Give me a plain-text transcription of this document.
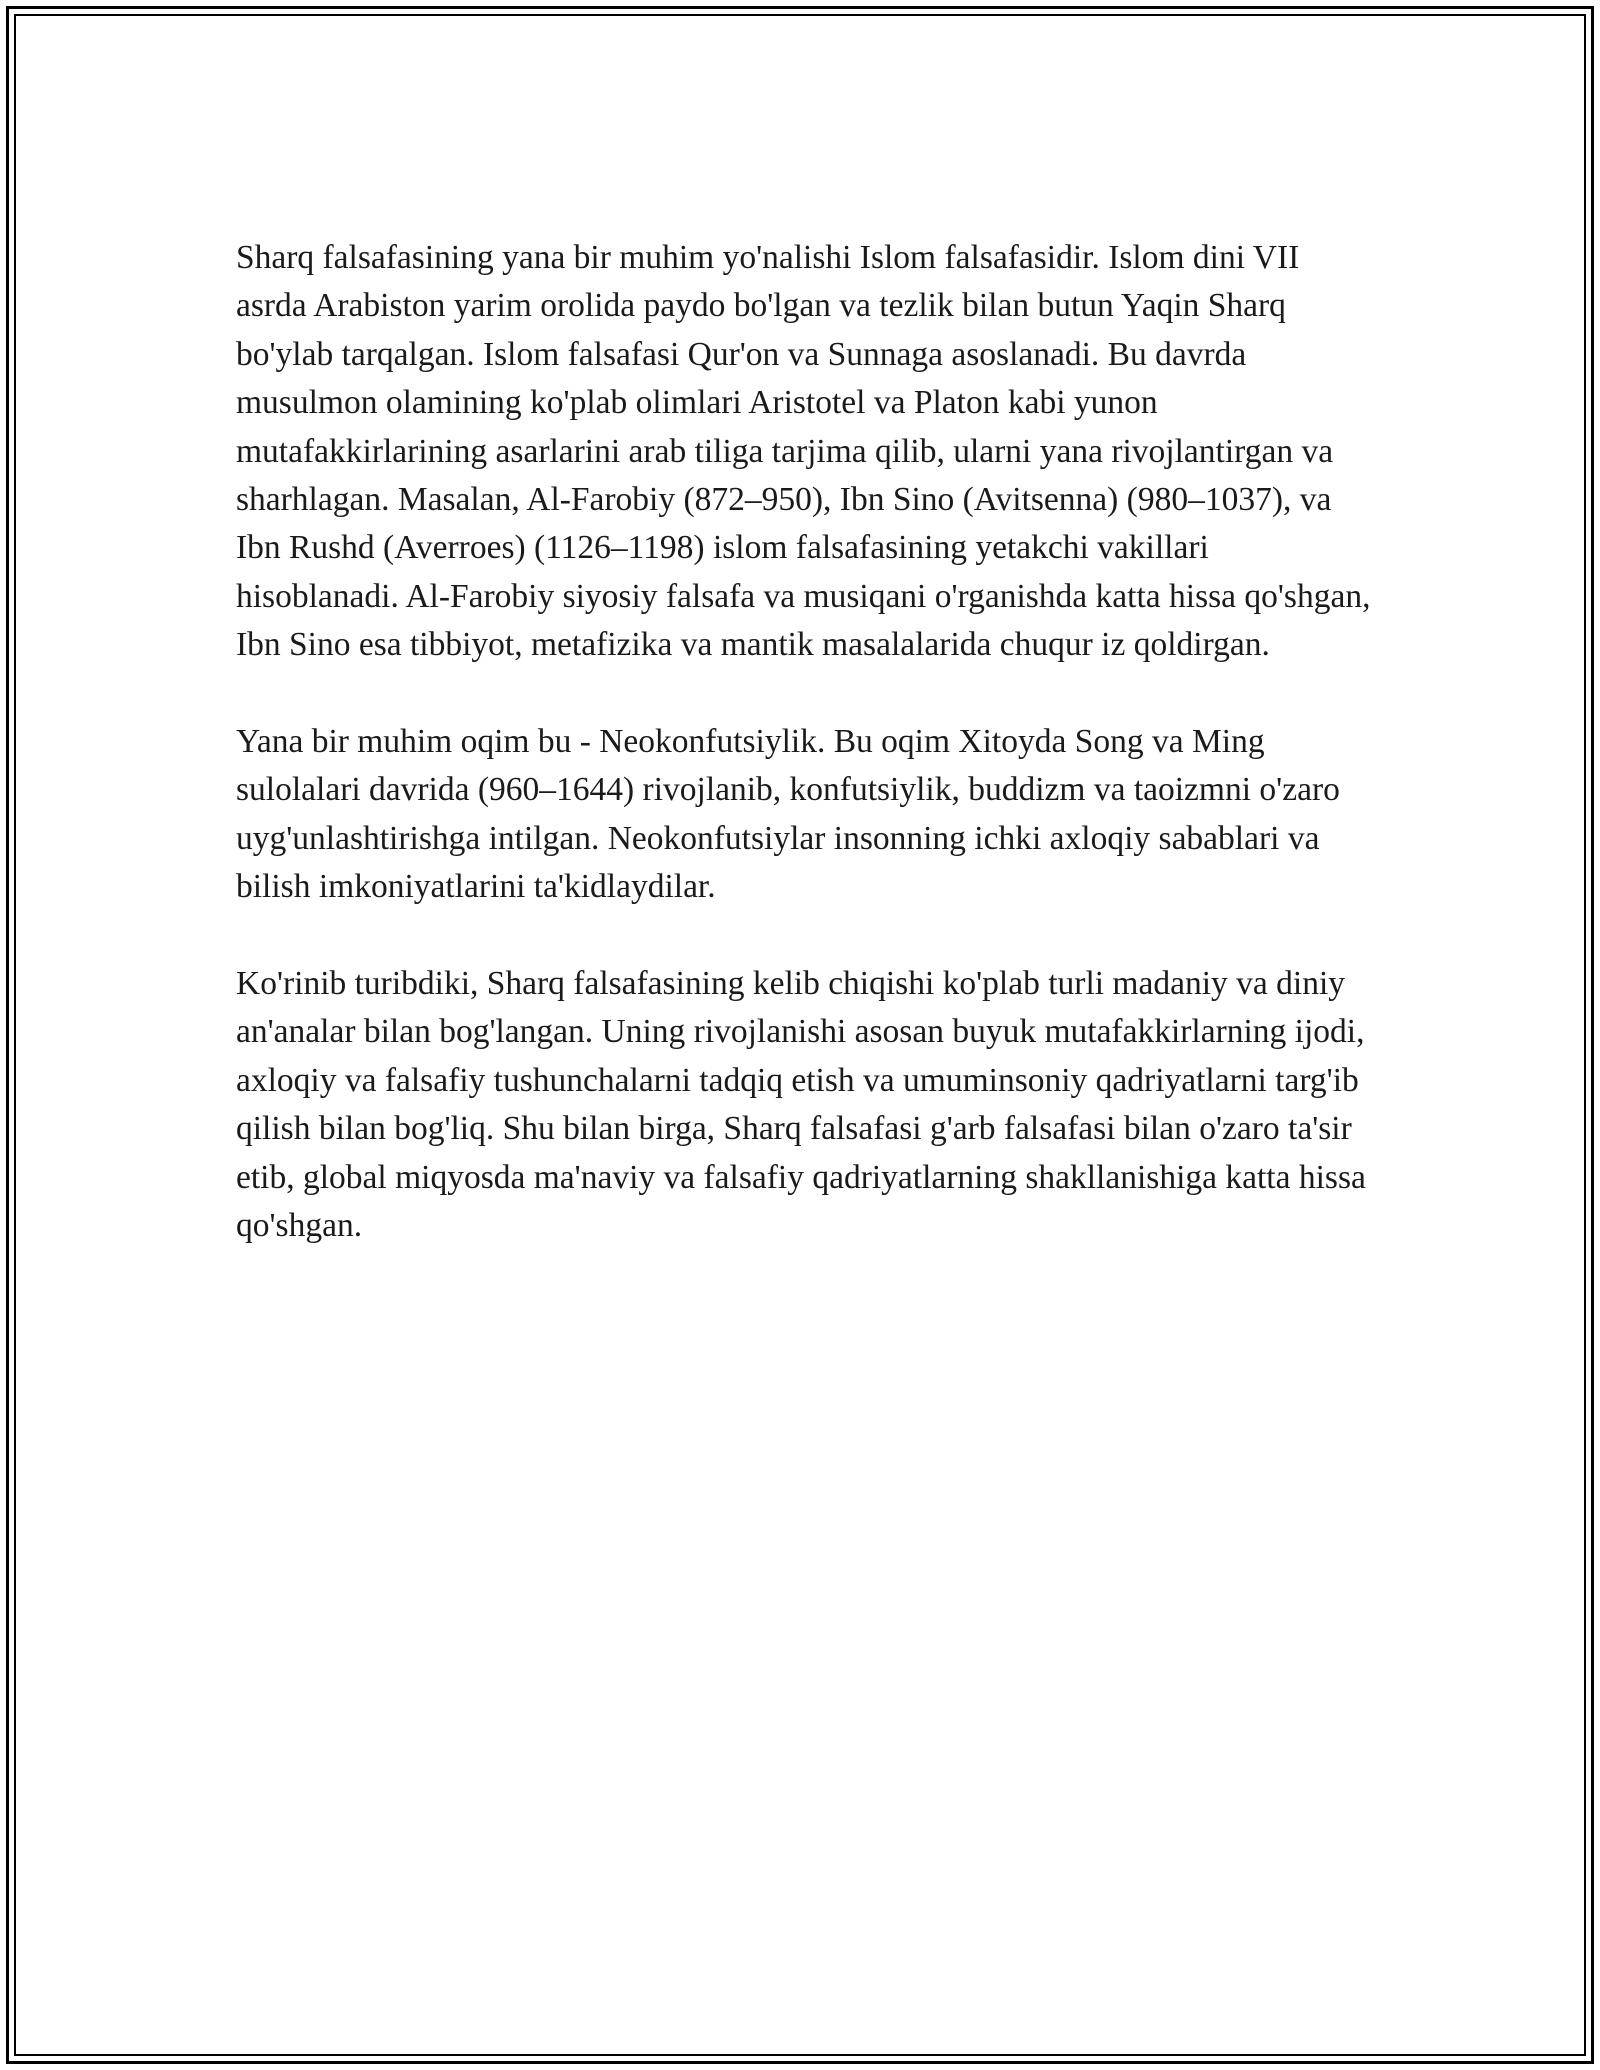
Sharq falsafasining yana bir muhim yo'nalishi Islom falsafasidir. Islom dini VII asrda Arabiston yarim orolida paydo bo'lgan va tezlik bilan butun Yaqin Sharq bo'ylab tarqalgan. Islom falsafasi Qur'on va Sunnaga asoslanadi. Bu davrda musulmon olamining ko'plab olimlari Aristotel va Platon kabi yunon mutafakkirlarining asarlarini arab tiliga tarjima qilib, ularni yana rivojlantirgan va sharhlagan. Masalan, Al-Farobiy (872–950), Ibn Sino (Avitsenna) (980–1037), va Ibn Rushd (Averroes) (1126–1198) islom falsafasining yetakchi vakillari hisoblanadi. Al-Farobiy siyosiy falsafa va musiqani o'rganishda katta hissa qo'shgan, Ibn Sino esa tibbiyot, metafizika va mantik masalalarida chuqur iz qoldirgan.

Yana bir muhim oqim bu - Neokonfutsiylik. Bu oqim Xitoyda Song va Ming sulolalari davrida (960–1644) rivojlanib, konfutsiylik, buddizm va taoizmni o'zaro uyg'unlashtirishga intilgan. Neokonfutsiylar insonning ichki axloqiy sabablari va bilish imkoniyatlarini ta'kidlaydilar.

Ko'rinib turibdiki, Sharq falsafasining kelib chiqishi ko'plab turli madaniy va diniy an'analar bilan bog'langan. Uning rivojlanishi asosan buyuk mutafakkirlarning ijodi, axloqiy va falsafiy tushunchalarni tadqiq etish va umuminsoniy qadriyatlarni targ'ib qilish bilan bog'liq. Shu bilan birga, Sharq falsafasi g'arb falsafasi bilan o'zaro ta'sir etib, global miqyosda ma'naviy va falsafiy qadriyatlarning shakllanishiga katta hissa qo'shgan.
